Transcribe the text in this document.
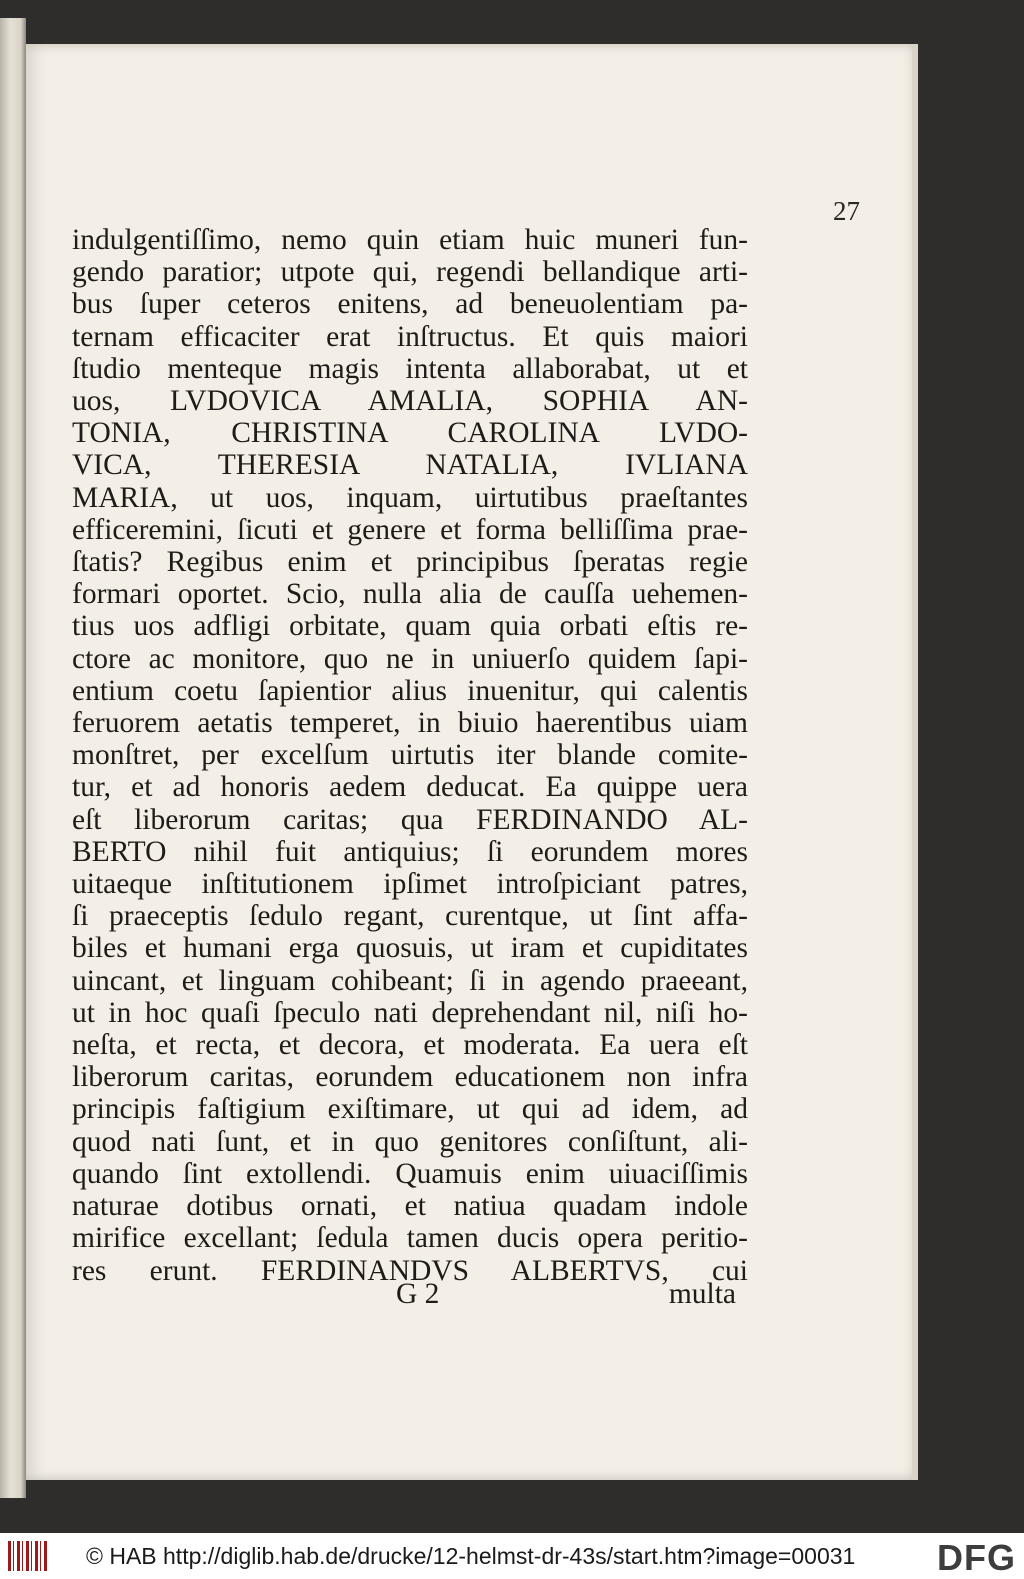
27
indulgentiſſimo, nemo quin etiam huic muneri fun-
gendo paratior; utpote qui, regendi bellandique arti-
bus ſuper ceteros enitens, ad beneuolentiam pa-
ternam efficaciter erat inſtructus. Et quis maiori
ſtudio menteque magis intenta allaborabat, ut et
uos, LVDOVICA AMALIA, SOPHIA AN-
TONIA, CHRISTINA CAROLINA LVDO-
VICA, THERESIA NATALIA, IVLIANA
MARIA, ut uos, inquam, uirtutibus praeſtantes
efficeremini, ſicuti et genere et forma belliſſima prae-
ſtatis? Regibus enim et principibus ſperatas regie
formari oportet. Scio, nulla alia de cauſſa uehemen-
tius uos adfligi orbitate, quam quia orbati eſtis re-
ctore ac monitore, quo ne in uniuerſo quidem ſapi-
entium coetu ſapientior alius inuenitur, qui calentis
feruorem aetatis temperet, in biuio haerentibus uiam
monſtret, per excelſum uirtutis iter blande comite-
tur, et ad honoris aedem deducat. Ea quippe uera
eſt liberorum caritas; qua FERDINANDO AL-
BERTO nihil fuit antiquius; ſi eorundem mores
uitaeque inſtitutionem ipſimet introſpiciant patres,
ſi praeceptis ſedulo regant, curentque, ut ſint affa-
biles et humani erga quosuis, ut iram et cupiditates
uincant, et linguam cohibeant; ſi in agendo praeeant,
ut in hoc quaſi ſpeculo nati deprehendant nil, niſi ho-
neſta, et recta, et decora, et moderata. Ea uera eſt
liberorum caritas, eorundem educationem non infra
principis faſtigium exiſtimare, ut qui ad idem, ad
quod nati ſunt, et in quo genitores conſiſtunt, ali-
quando ſint extollendi. Quamuis enim uiuaciſſimis
naturae dotibus ornati, et natiua quadam indole
mirifice excellant; ſedula tamen ducis opera peritio-
res erunt. FERDINANDVS ALBERTVS, cui
G 2	multa
© HAB http://diglib.hab.de/drucke/12-helmst-dr-43s/start.htm?image=00031 DFG
